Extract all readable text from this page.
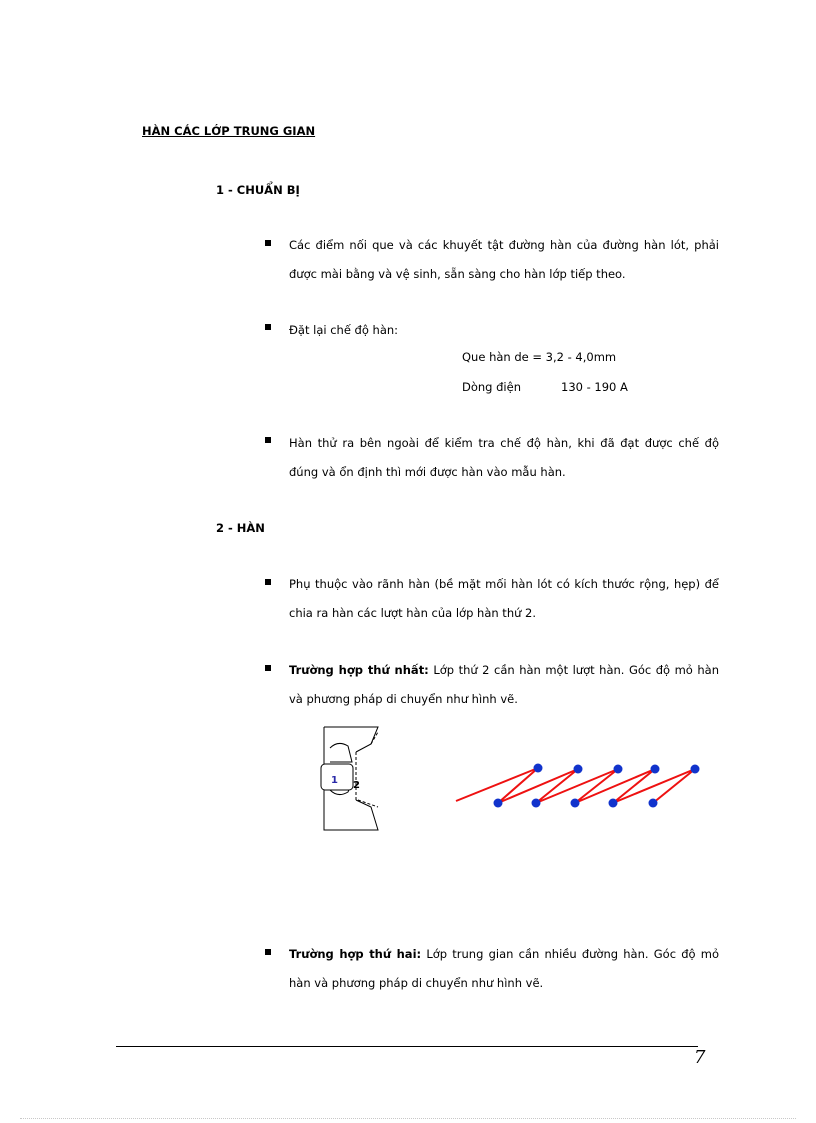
HÀN CÁC LỚP TRUNG GIAN
1 - CHUẨN BỊ
Các điểm nối que và các khuyết tật đường hàn của đường hàn lót, phải được mài bằng và vệ sinh, sẵn sàng cho hàn lớp tiếp theo.
Đặt lại chế độ hàn:
Que hàn de = 3,2 - 4,0mm
Dòng điện	130 - 190 A
Hàn thử ra bên ngoài để kiểm tra chế độ hàn, khi đã đạt được chế độ đúng và ổn định thì mới được hàn vào mẫu hàn.
2 - HÀN
Phụ thuộc vào rãnh hàn (bề mặt mối hàn lót có kích thước rộng, hẹp) để chia ra hàn các lượt hàn của lớp hàn thứ 2.
Trường hợp thứ nhất: Lớp thứ 2 cần hàn một lượt hàn. Góc độ mỏ hàn và phương pháp di chuyển như hình vẽ.
1 2
Trường hợp thứ hai: Lớp trung gian cần nhiều đường hàn. Góc độ mỏ hàn và phương pháp di chuyển như hình vẽ.
7
